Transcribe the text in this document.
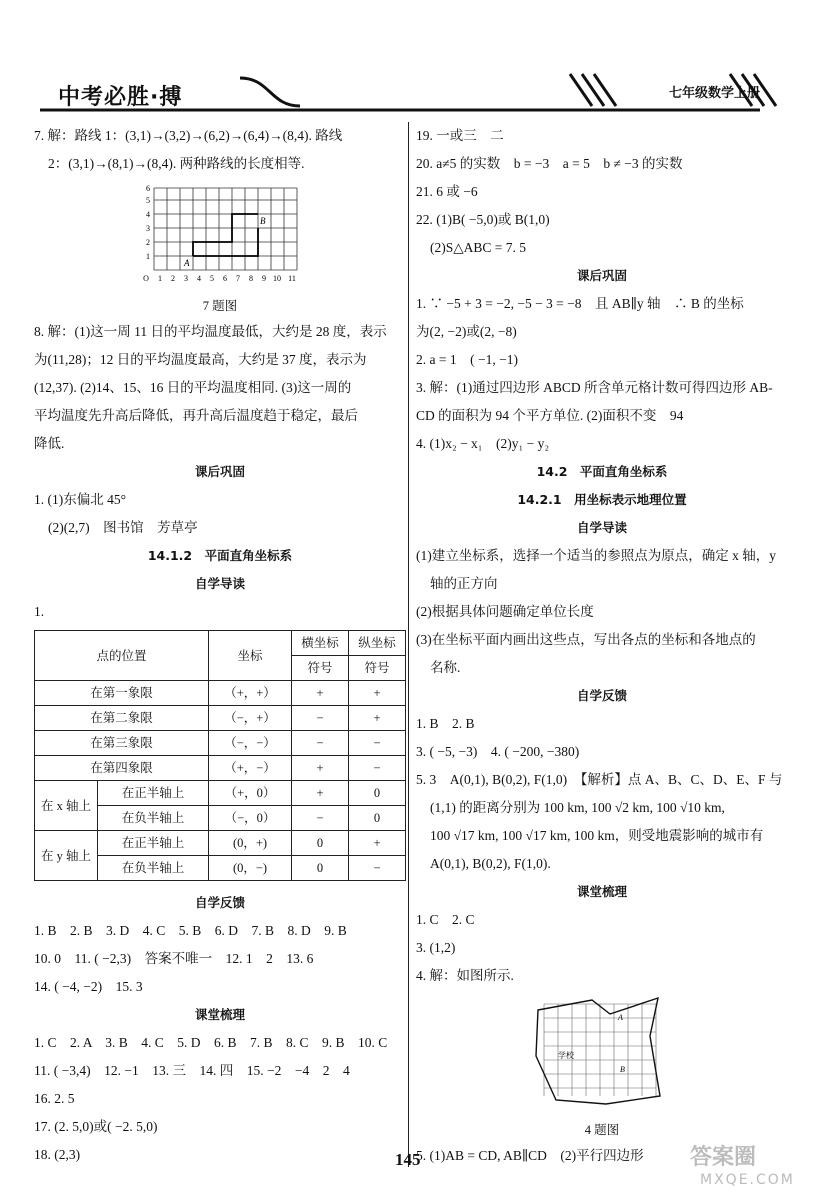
中考必胜·搏	七年级数学上册

7. 解：路线 1：(3,1)→(3,2)→(6,2)→(6,4)→(8,4). 路线

2：(3,1)→(8,1)→(8,4). 两种路线的长度相等.

A
B
1
2
3
4
5
6
O 1 2 3 4 5 6 7 8 9 10 11
7 题图

8. 解：(1)这一周 11 日的平均温度最低，大约是 28 度，表示

为(11,28)；12 日的平均温度最高，大约是 37 度，表示为

(12,37). (2)14、15、16 日的平均温度相同. (3)这一周的

平均温度先升高后降低，再升高后温度趋于稳定，最后

降低.

课后巩固

1. (1)东偏北 45°

(2)(2,7)　图书馆　芳草亭

14.1.2　平面直角坐标系
自学导读

1.

点的位置		坐标	横坐标	纵坐标
			符号	符号
在第一象限		（+，+）	+	+
在第二象限		（−，+）	−	+
在第三象限		（−，−）	−	−
在第四象限		（+，−）	+	−
在 x 轴上	在正半轴上	（+，0）	+	0
	在负半轴上	（−，0）	−	0
在 y 轴上	在正半轴上	(0，+)	0	+
	在负半轴上	(0，−)	0	−
自学反馈

1. B　2. B　3. D　4. C　5. B　6. D　7. B　8. D　9. B

10. 0　11. ( −2,3)　答案不唯一　12. 1　2　13. 6

14. ( −4, −2)　15. 3

课堂梳理

1. C　2. A　3. B　4. C　5. D　6. B　7. B　8. C　9. B　10. C

11. ( −3,4)　12. −1　13. 三　14. 四　15. −2　−4　2　4

16. 2. 5

17. (2. 5,0)或( −2. 5,0)

18. (2,3)

19. 一或三　二

20. a≠5 的实数　b = −3　a = 5　b ≠ −3 的实数

21. 6 或 −6

22. (1)B( −5,0)或 B(1,0)

(2)S△ABC = 7. 5

课后巩固

1. ∵ −5 + 3 = −2, −5 − 3 = −8　且 AB∥y 轴　∴ B 的坐标

为(2, −2)或(2, −8)

2. a = 1　( −1, −1)

3. 解：(1)通过四边形 ABCD 所含单元格计数可得四边形 AB-

CD 的面积为 94 个平方单位. (2)面积不变　94

4. (1)x₂ − x₁　(2)y₁ − y₂

14.2　平面直角坐标系
14.2.1　用坐标表示地理位置
自学导读

(1)建立坐标系，选择一个适当的参照点为原点，确定 x 轴，y

轴的正方向

(2)根据具体问题确定单位长度

(3)在坐标平面内画出这些点，写出各点的坐标和各地点的

名称.

自学反馈

1. B　2. B

3. ( −5, −3)　4. ( −200, −380)

5. 3　A(0,1), B(0,2), F(1,0)　【解析】点 A、B、C、D、E、F 与

(1,1) 的距离分别为 100 km, 100 √2 km, 100 √10 km,

100 √17 km, 100 √17 km, 100 km，则受地震影响的城市有

A(0,1), B(0,2), F(1,0).

课堂梳理

1. C　2. C

3. (1,2)

4. 解：如图所示.

A
学校
B
4 题图

5. (1)AB = CD, AB∥CD　(2)平行四边形

145	答案圈
MXQE.COM
